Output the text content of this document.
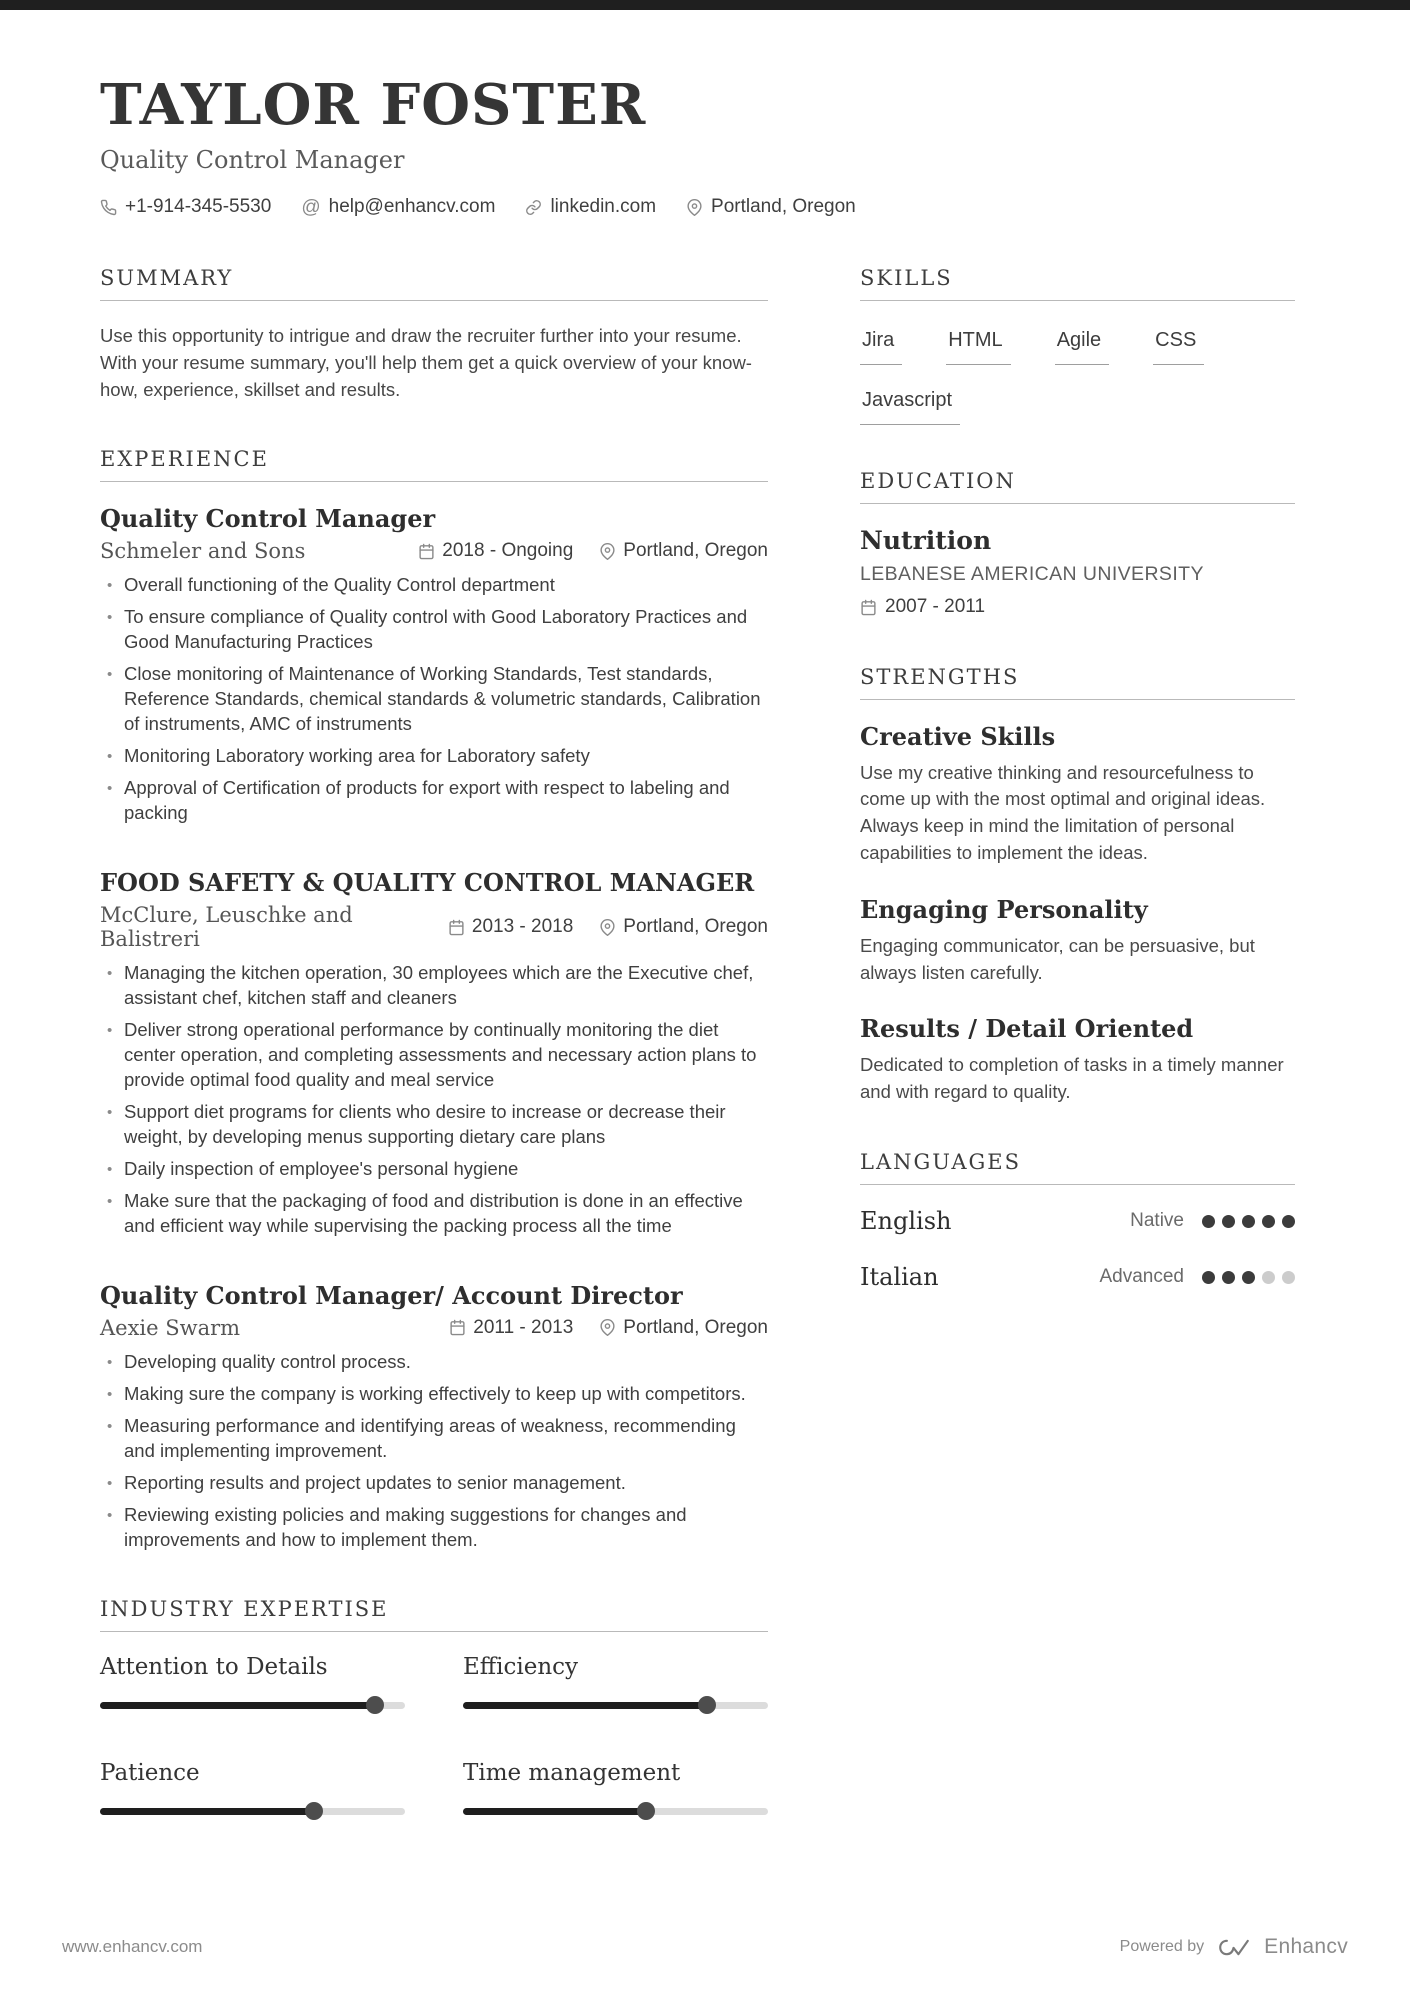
TAYLOR FOSTER
Quality Control Manager
+1-914-345-5530 @ help@enhancv.com	linkedin.com	Portland, Oregon
SUMMARY

Use this opportunity to intrigue and draw the recruiter further into your resume. With your resume summary, you'll help them get a quick overview of your know-how, experience, skillset and results.

EXPERIENCE
Quality Control Manager
Schmeler and Sons	2018 - Ongoing	Portland, Oregon
• Overall functioning of the Quality Control department
• To ensure compliance of Quality control with Good Laboratory Practices and Good Manufacturing Practices
• Close monitoring of Maintenance of Working Standards, Test standards, Reference Standards, chemical standards & volumetric standards, Calibration of instruments, AMC of instruments
• Monitoring Laboratory working area for Laboratory safety
• Approval of Certification of products for export with respect to labeling and packing
FOOD SAFETY & QUALITY CONTROL MANAGER
McClure, Leuschke and Balistreri
2013 - 2018	Portland, Oregon
• Managing the kitchen operation, 30 employees which are the Executive chef, assistant chef, kitchen staff and cleaners
• Deliver strong operational performance by continually monitoring the diet center operation, and completing assessments and necessary action plans to provide optimal food quality and meal service
• Support diet programs for clients who desire to increase or decrease their weight, by developing menus supporting dietary care plans
• Daily inspection of employee's personal hygiene
• Make sure that the packaging of food and distribution is done in an effective and efficient way while supervising the packing process all the time
Quality Control Manager/ Account Director
Aexie Swarm	2011 - 2013	Portland, Oregon
• Developing quality control process.
• Making sure the company is working effectively to keep up with competitors.
• Measuring performance and identifying areas of weakness, recommending and implementing improvement.
• Reporting results and project updates to senior management.
• Reviewing existing policies and making suggestions for changes and improvements and how to implement them.
INDUSTRY EXPERTISE
Attention to Details	Efficiency
Patience	Time management
SKILLS
Jira	HTML	Agile	CSS
Javascript
EDUCATION
Nutrition
LEBANESE AMERICAN UNIVERSITY
2007 - 2011
STRENGTHS
Creative Skills

Use my creative thinking and resourcefulness to come up with the most optimal and original ideas. Always keep in mind the limitation of personal capabilities to implement the ideas.

Engaging Personality

Engaging communicator, can be persuasive, but always listen carefully.

Results / Detail Oriented

Dedicated to completion of tasks in a timely manner and with regard to quality.

LANGUAGES
English	Native
Italian	Advanced
www.enhancv.com	Powered by	Enhancv
